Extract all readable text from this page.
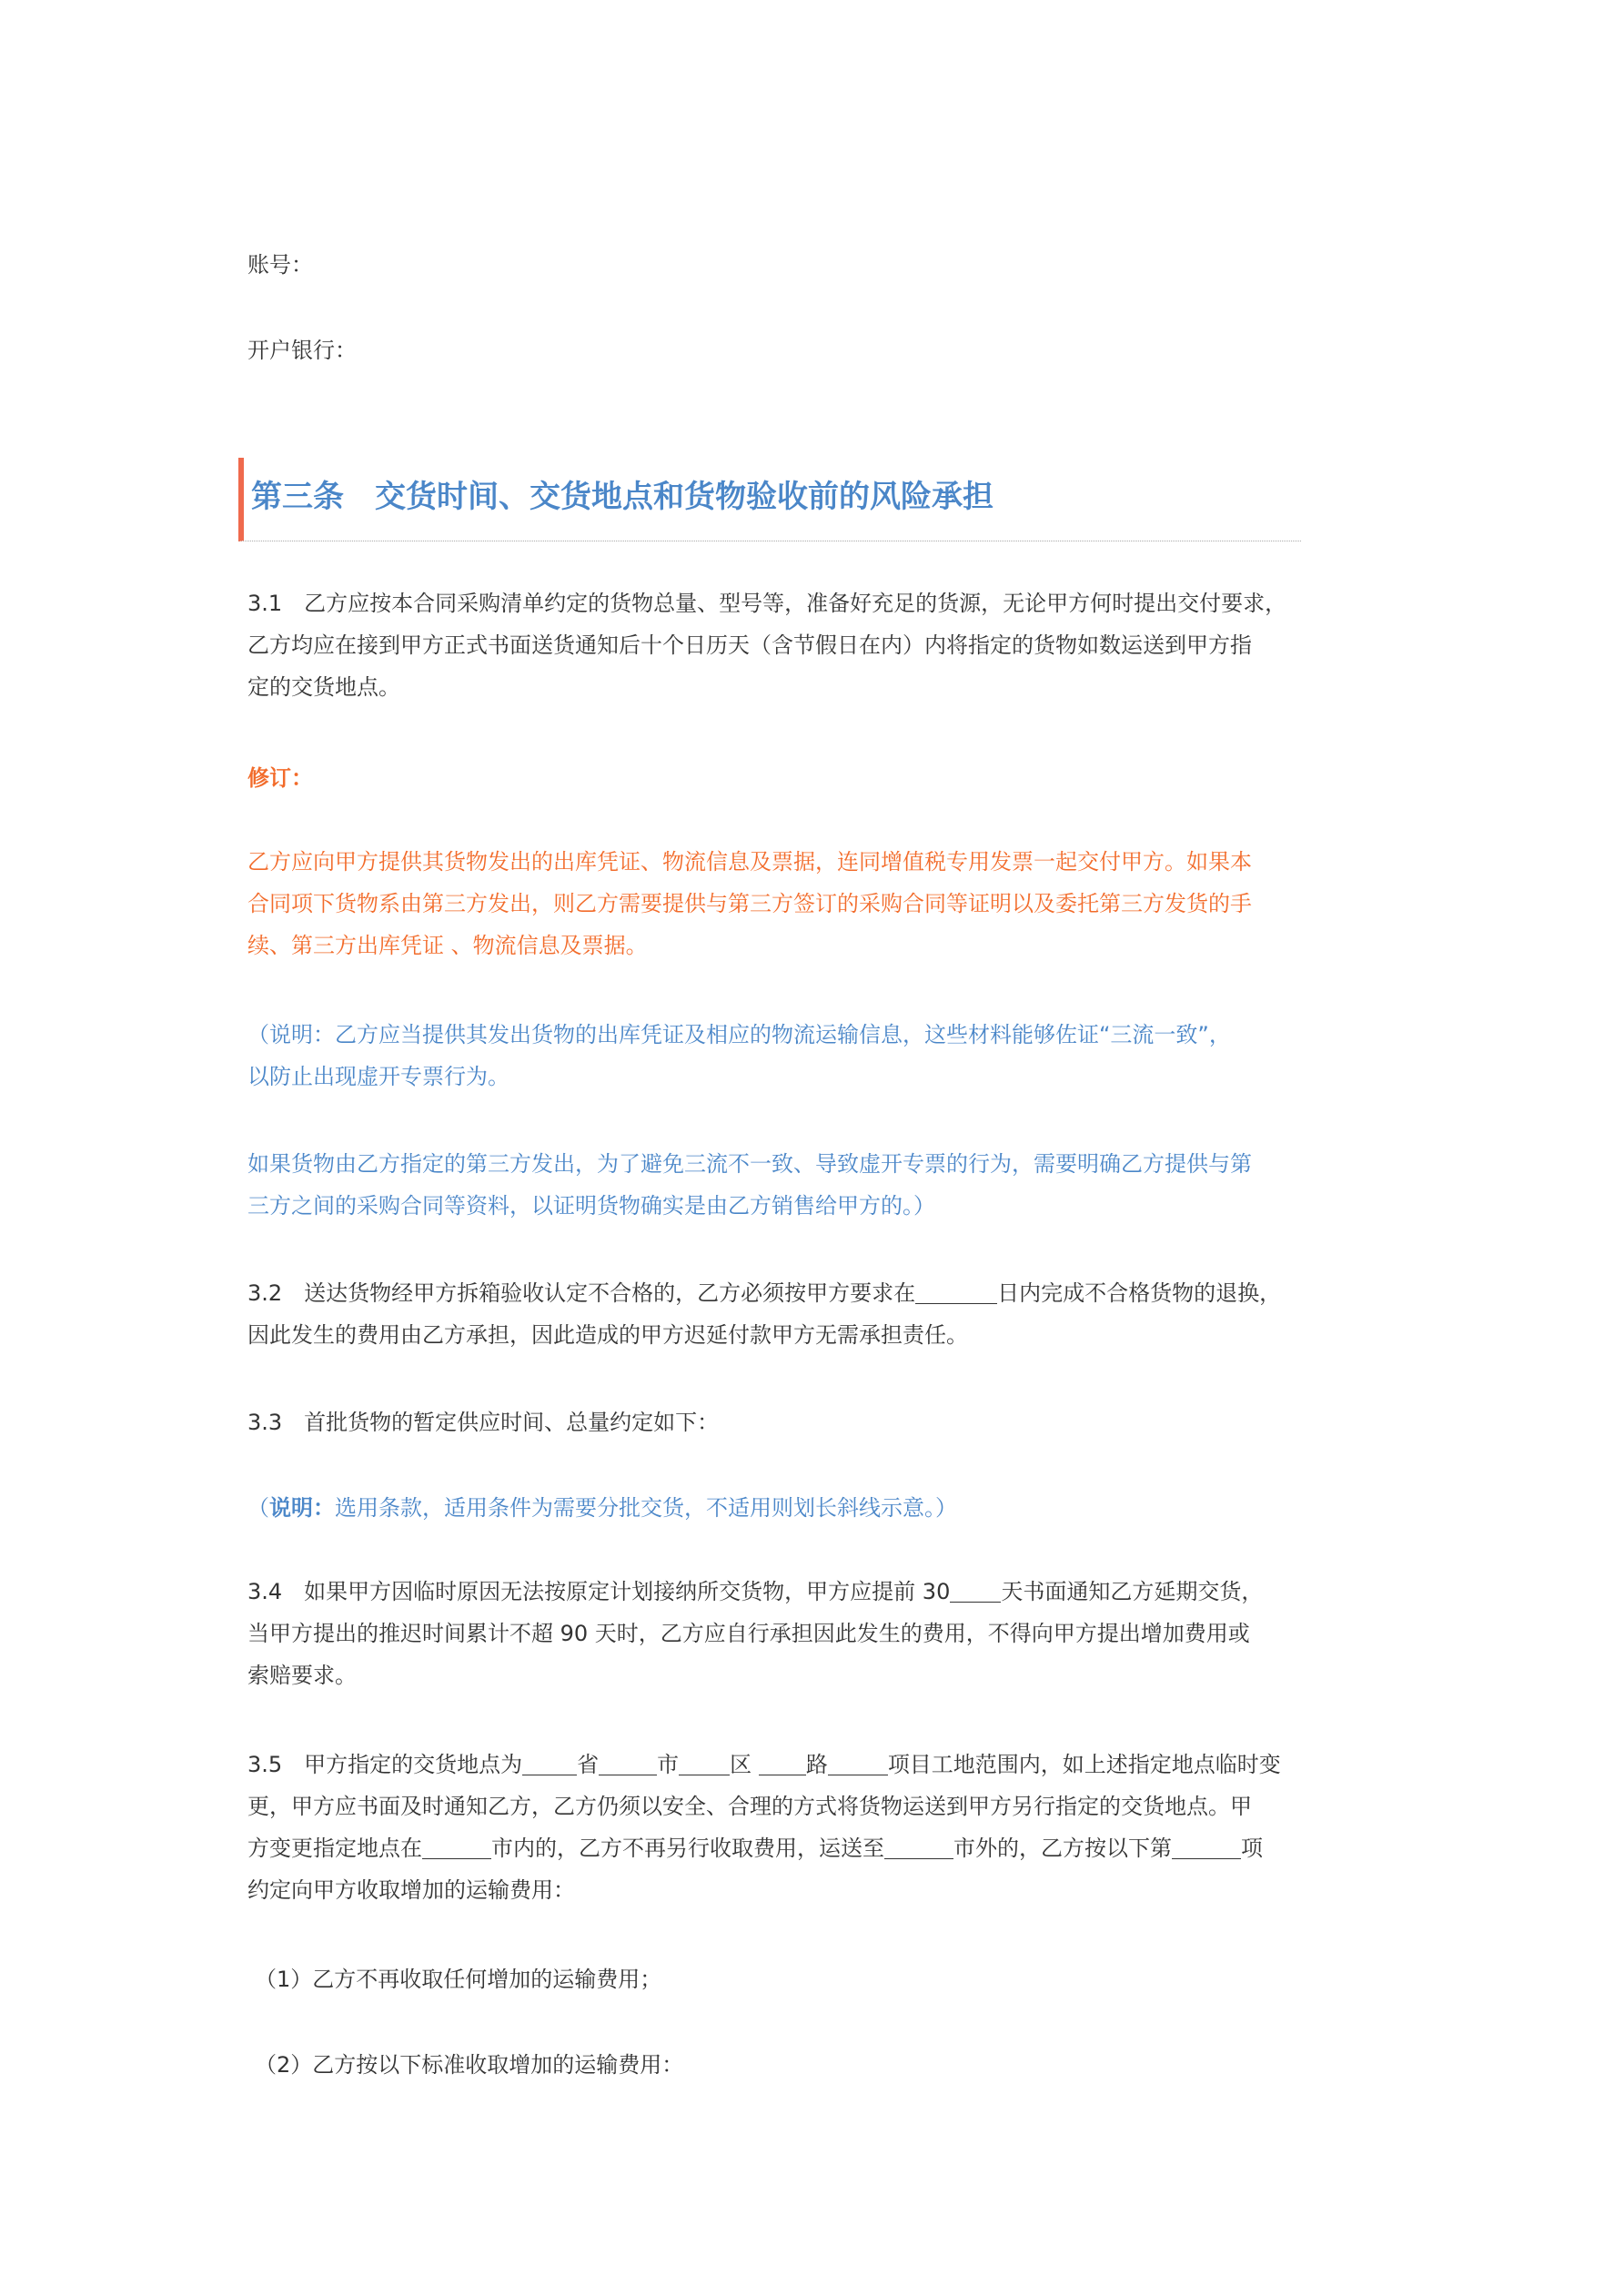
账号：

开户银行：

第三条　交货时间、交货地点和货物验收前的风险承担

3.1　乙方应按本合同采购清单约定的货物总量、型号等，准备好充足的货源，无论甲方何时提出交付要求，
乙方均应在接到甲方正式书面送货通知后十个日历天（含节假日在内）内将指定的货物如数运送到甲方指
定的交货地点。

修订：

乙方应向甲方提供其货物发出的出库凭证、物流信息及票据，连同增值税专用发票一起交付甲方。如果本
合同项下货物系由第三方发出，则乙方需要提供与第三方签订的采购合同等证明以及委托第三方发货的手
续、第三方出库凭证 、物流信息及票据。
（说明：乙方应当提供其发出货物的出库凭证及相应的物流运输信息，这些材料能够佐证“三流一致”，
以防止出现虚开专票行为。
如果货物由乙方指定的第三方发出，为了避免三流不一致、导致虚开专票的行为，需要明确乙方提供与第
三方之间的采购合同等资料，以证明货物确实是由乙方销售给甲方的。）
3.2　送达货物经甲方拆箱验收认定不合格的，乙方必须按甲方要求在	日内完成不合格货物的退换，
因此发生的费用由乙方承担，因此造成的甲方迟延付款甲方无需承担责任。

3.3　首批货物的暂定供应时间、总量约定如下：

（说明：选用条款，适用条件为需要分批交货，不适用则划长斜线示意。）

3.4　如果甲方因临时原因无法按原定计划接纳所交货物，甲方应提前 30 天书面通知乙方延期交货，
当甲方提出的推迟时间累计不超 90 天时，乙方应自行承担因此发生的费用，不得向甲方提出增加费用或
索赔要求。
3.5　甲方指定的交货地点为	省	市 区 路	项目工地范围内，如上述指定地点临时变
更，甲方应书面及时通知乙方，乙方仍须以安全、合理的方式将货物运送到甲方另行指定的交货地点。甲
方变更指定地点在	市内的，乙方不再另行收取费用，运送至	市外的，乙方按以下第	项
约定向甲方收取增加的运输费用：

（1）乙方不再收取任何增加的运输费用；

（2）乙方按以下标准收取增加的运输费用：
